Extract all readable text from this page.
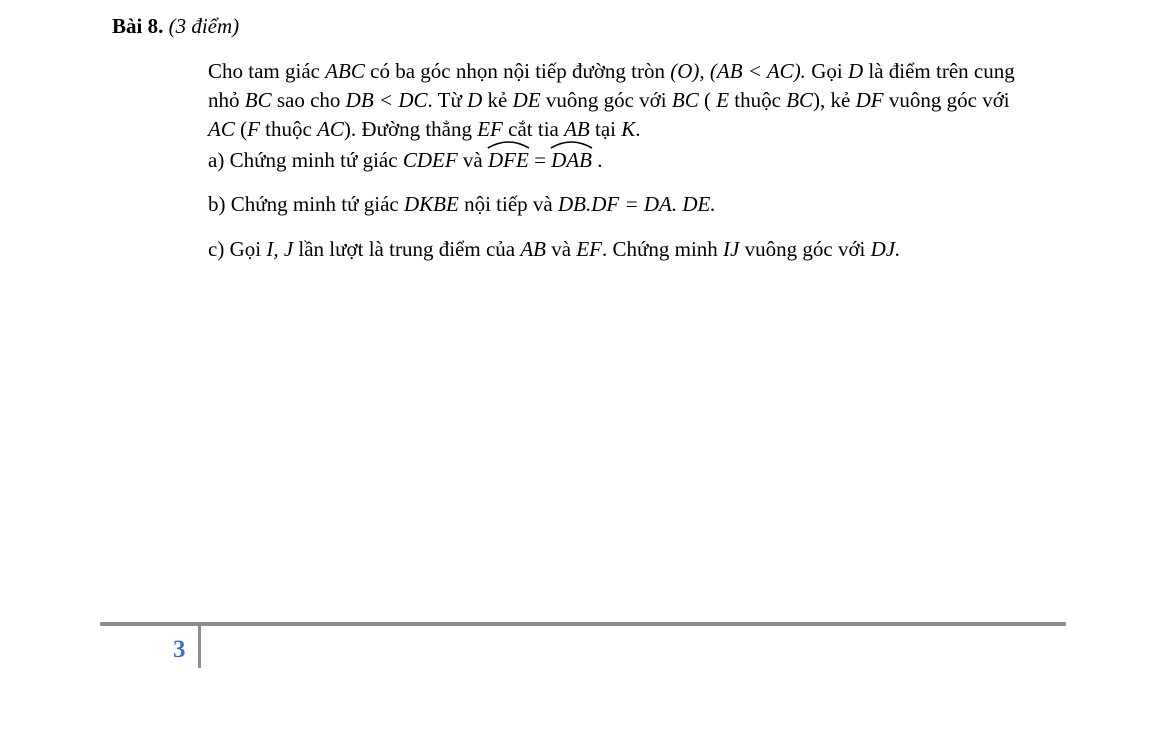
Bài 8. (3 điểm)

Cho tam giác ABC có ba góc nhọn nội tiếp đường tròn (O), (AB < AC). Gọi D là điểm trên cung nhỏ BC sao cho DB < DC. Từ D kẻ DE vuông góc với BC ( E thuộc BC), kẻ DF vuông góc với AC (F thuộc AC). Đường thẳng EF cắt tia AB tại K.

a) Chứng minh tứ giác CDEF và
DFE =
DAB .

b) Chứng minh tứ giác DKBE nội tiếp và DB.DF = DA. DE.

c) Gọi I, J lần lượt là trung điểm của AB và EF. Chứng minh IJ vuông góc với DJ.

3
